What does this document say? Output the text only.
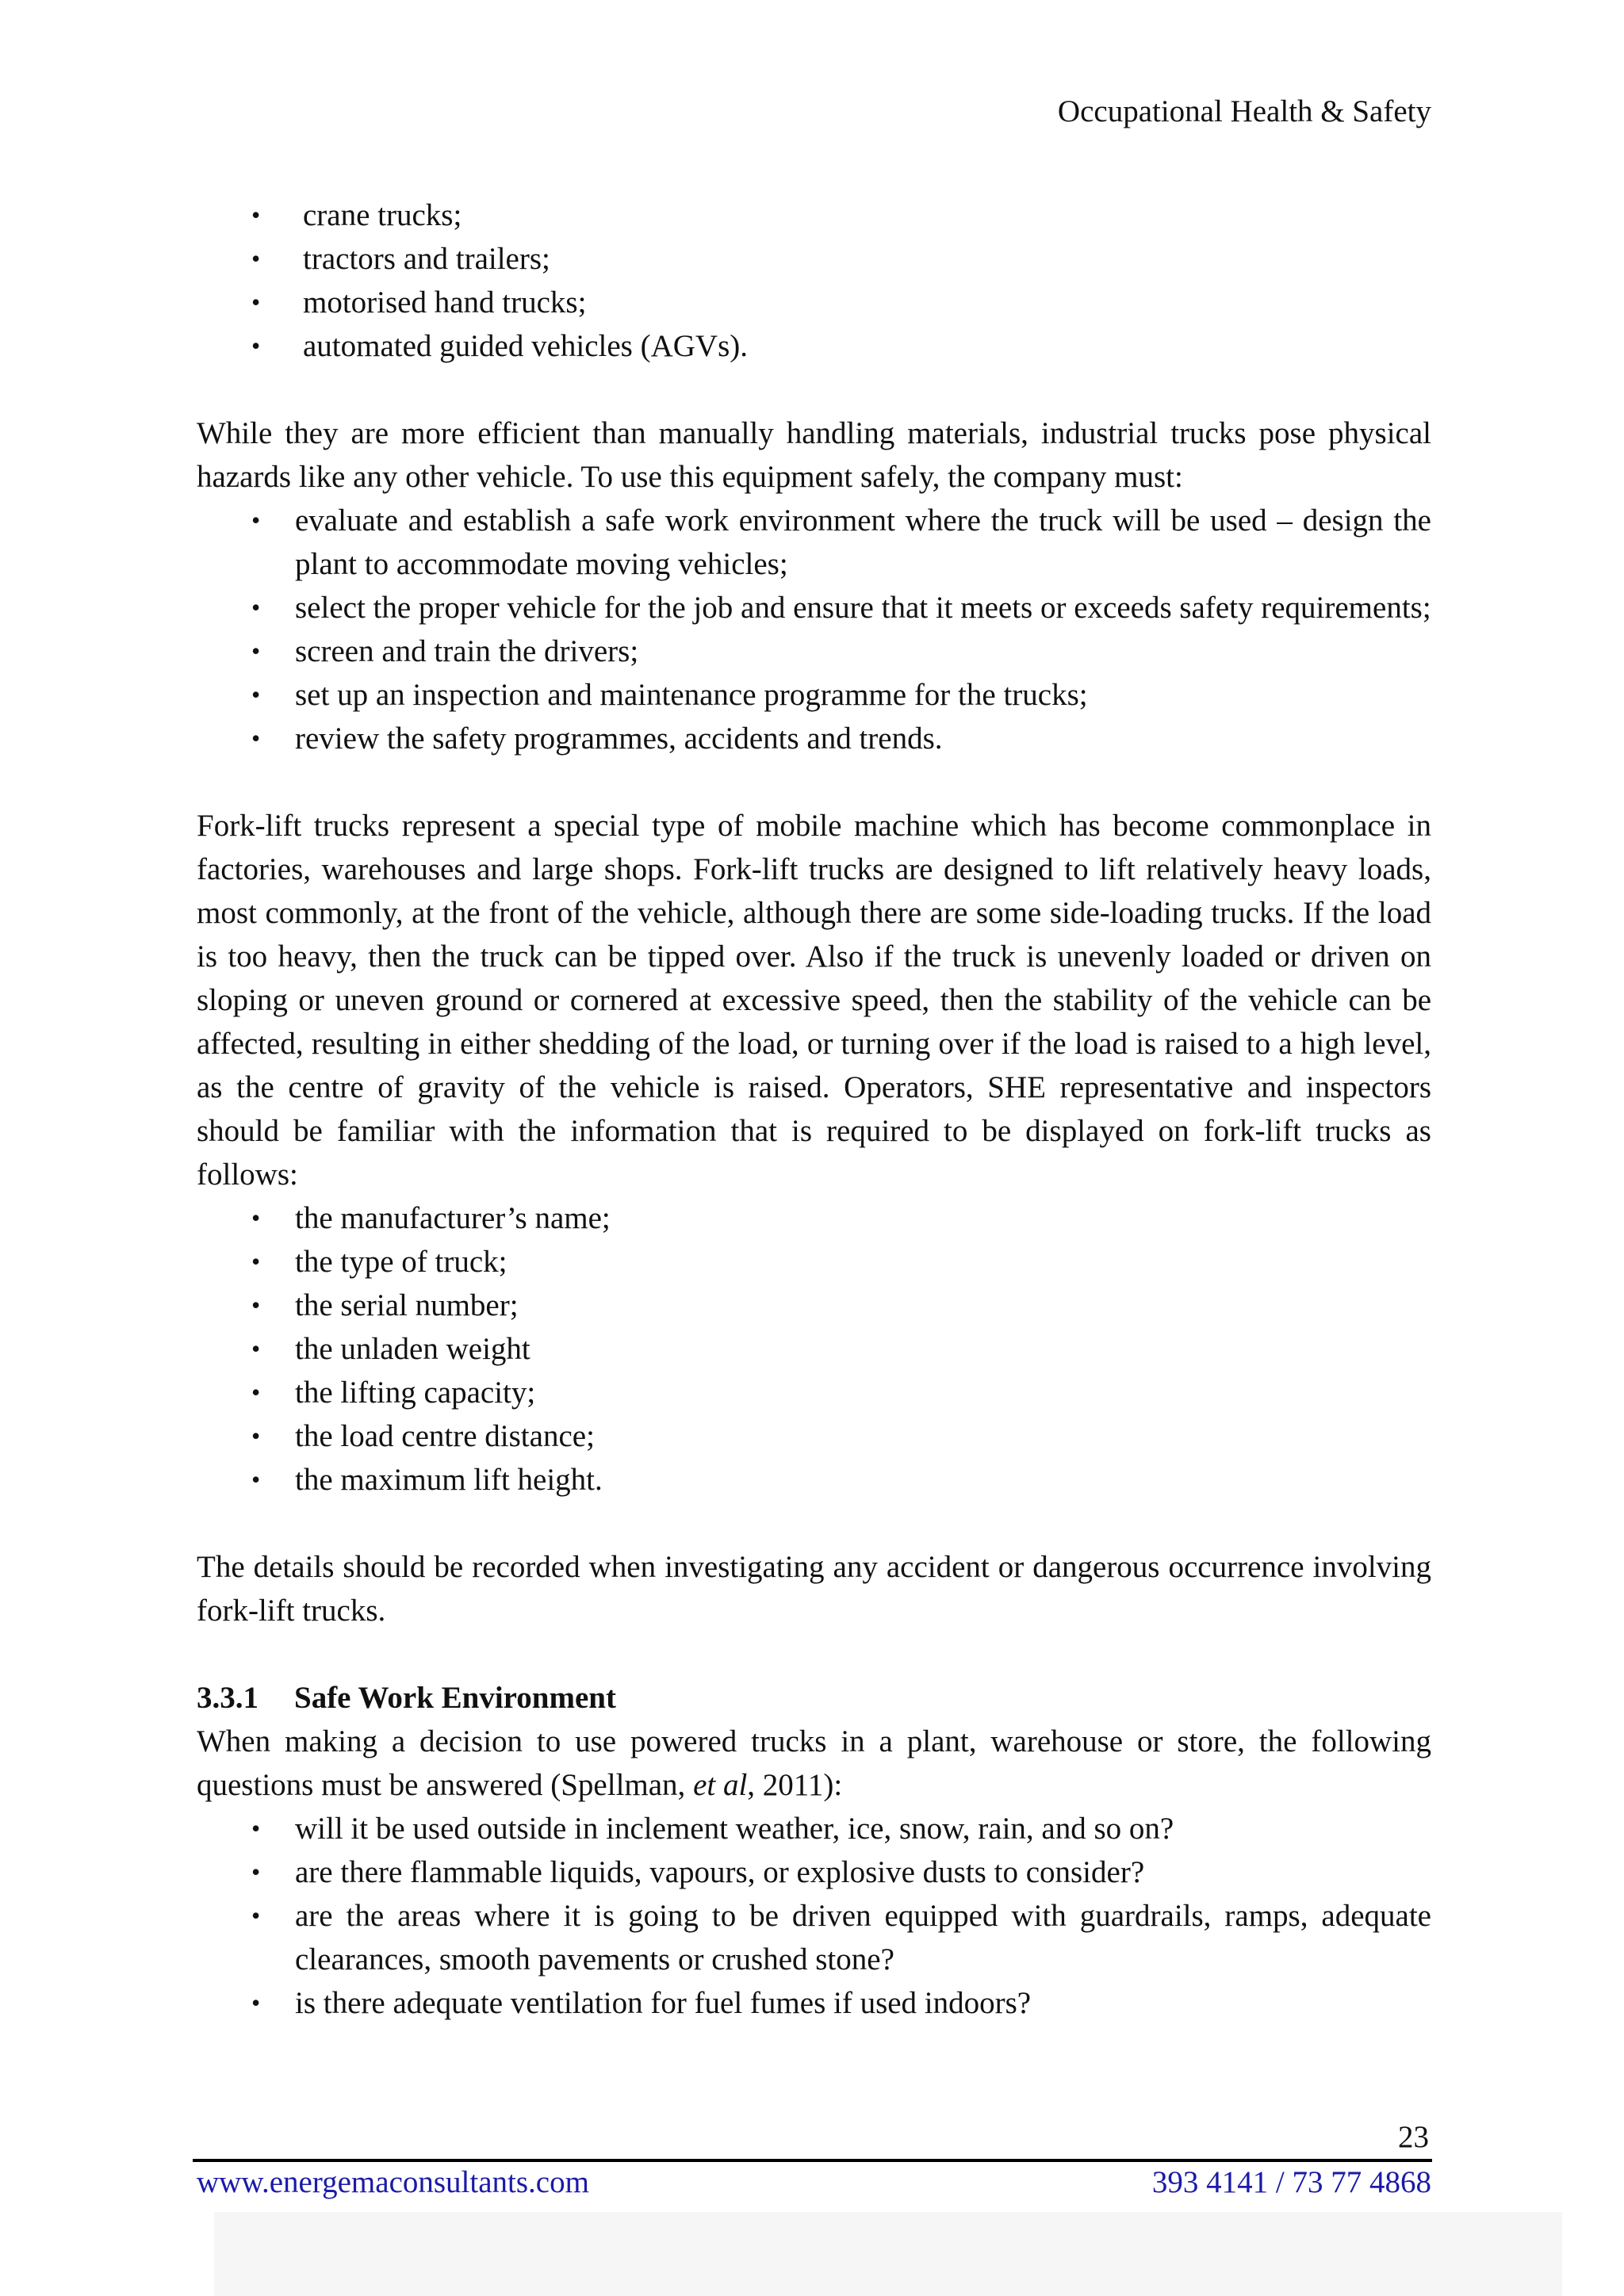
Occupational Health & Safety
• crane trucks;
• tractors and trailers;
• motorised hand trucks;
• automated guided vehicles (AGVs).

While they are more efficient than manually handling materials, industrial trucks pose physical hazards like any other vehicle. To use this equipment safely, the company must:

• evaluate and establish a safe work environment where the truck will be used – design the plant to accommodate moving vehicles;
• select the proper vehicle for the job and ensure that it meets or exceeds safety requirements;
• screen and train the drivers;
• set up an inspection and maintenance programme for the trucks;
• review the safety programmes, accidents and trends.

Fork-lift trucks represent a special type of mobile machine which has become commonplace in factories, warehouses and large shops. Fork-lift trucks are designed to lift relatively heavy loads, most commonly, at the front of the vehicle, although there are some side-loading trucks. If the load is too heavy, then the truck can be tipped over. Also if the truck is unevenly loaded or driven on sloping or uneven ground or cornered at excessive speed, then the stability of the vehicle can be affected, resulting in either shedding of the load, or turning over if the load is raised to a high level, as the centre of gravity of the vehicle is raised. Operators, SHE representative and inspectors should be familiar with the information that is required to be displayed on fork-lift trucks as follows:

• the manufacturer’s name;
• the type of truck;
• the serial number;
• the unladen weight
• the lifting capacity;
• the load centre distance;
• the maximum lift height.

The details should be recorded when investigating any accident or dangerous occurrence involving fork-lift trucks.

3.3.1 Safe Work Environment

When making a decision to use powered trucks in a plant, warehouse or store, the following questions must be answered (Spellman, et al, 2011):

• will it be used outside in inclement weather, ice, snow, rain, and so on?
• are there flammable liquids, vapours, or explosive dusts to consider?
• are the areas where it is going to be driven equipped with guardrails, ramps, adequate clearances, smooth pavements or crushed stone?
• is there adequate ventilation for fuel fumes if used indoors?
23
www.energemaconsultants.com	393 4141 / 73 77 4868
